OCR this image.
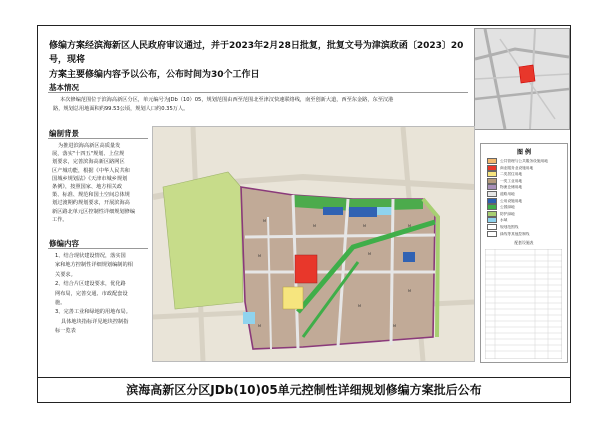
修编方案经滨海新区人民政府审议通过，并于2023年2月28日批复，批复文号为津滨政函〔2023〕20号，现将
方案主要修编内容予以公布，公布时间为30个工作日
基本情况
本次修编范围位于滨海高新区分区，单元编号为JDb（10）05，规划范围由西至范围北至津汉快速联络线，南至创新大道，西至东金路，东至汉港
路，规划总用地面积约99.53公顷，规划人口约0.35万人。
编制背景
为推进滨海高新区高质量发
展，落实"十四五"规划、上位规
划要求，完善滨海高新区路网区
区产城功能，根据《中华人民共和
国城乡规划法》《天津市城乡规划
条例》，按照国家、地方相关政
策、标准、规范和国土空间总体规
划过渡期约规划要求，开展滨海高
新区路北单元区控制性详细规划修编
工作。
修编内容
1、结合现状建设情况，落实国
家和地方控制性详细规划编制的相
关要求。
2、结合片区建设要求，优化路
网布局，完善交通、市政配套设
施。
3、完善工业和绿地的用地布局。
具体地块指标详见地块控制指
标一览表
M
M	M	M
M	M
M
M
M	M
图 例
公共管理与公共服务设施用地
商业服务业设施用地
二类居住用地
一类工业用地
物流仓储用地
道路用地
公用设施用地
公园绿地
防护绿地
水域
规划范围线
绿线等其他控制线
配套设施表
滨海高新区分区JDb(10)05单元控制性详细规划修编方案批后公布
